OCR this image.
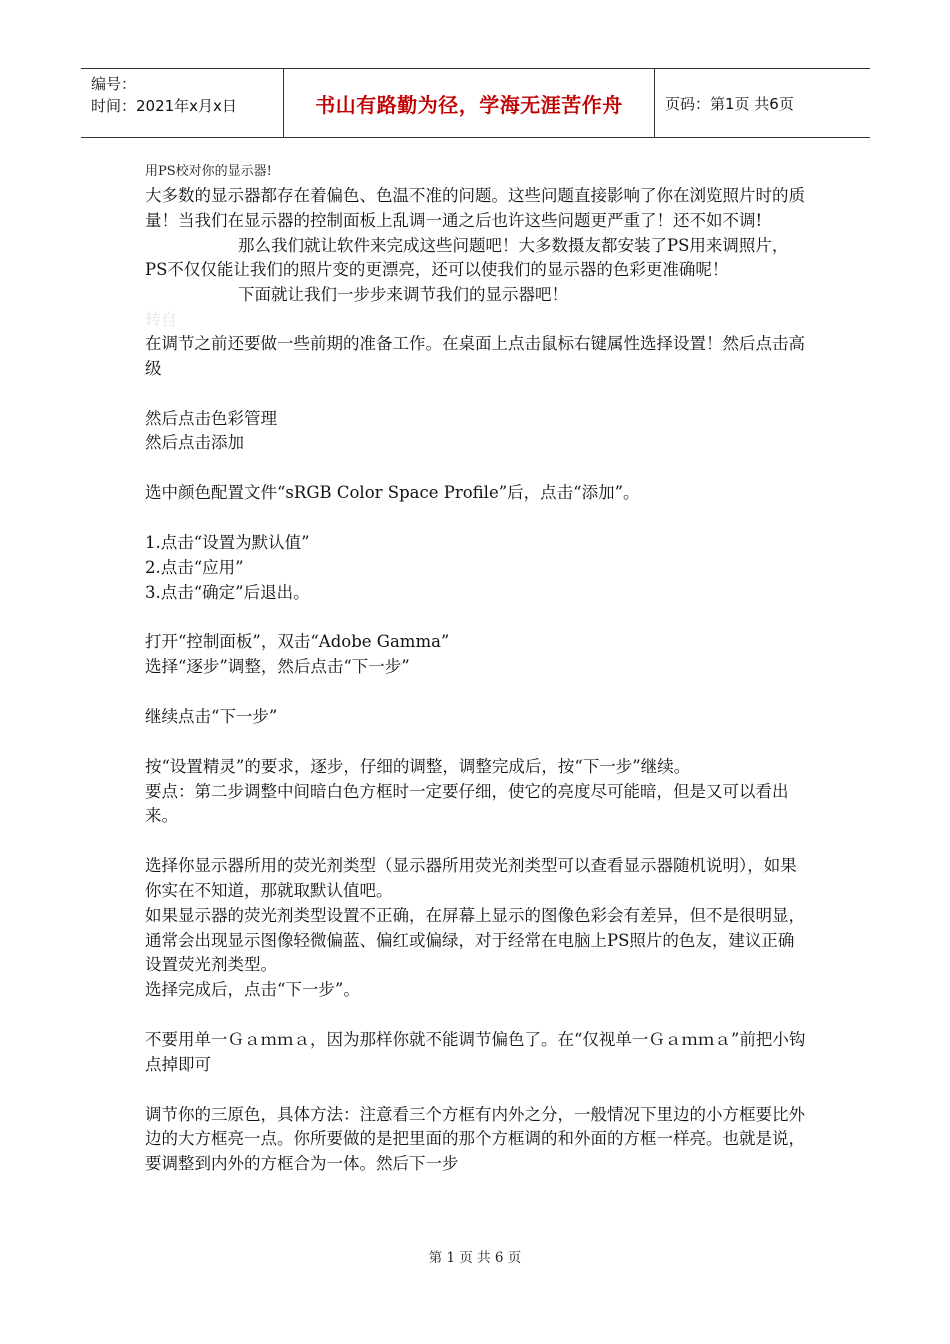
编号：
时间：2021年x月x日	书山有路勤为径，学海无涯苦作舟	页码：第1页 共6页
用PS校对你的显示器!

大多数的显示器都存在着偏色、色温不准的问题。这些问题直接影响了你在浏览照片时的质量！当我们在显示器的控制面板上乱调一通之后也许这些问题更严重了！还不如不调!

那么我们就让软件来完成这些问题吧！大多数摄友都安装了PS用来调照片，PS不仅仅能让我们的照片变的更漂亮，还可以使我们的显示器的色彩更准确呢！

下面就让我们一步步来调节我们的显示器吧！

转自

在调节之前还要做一些前期的准备工作。在桌面上点击鼠标右键属性选择设置！然后点击高级

然后点击色彩管理

然后点击添加

选中颜色配置文件“sRGB Color Space Profile”后，点击“添加”。

1.点击“设置为默认值”

2.点击“应用”

3.点击“确定”后退出。

打开“控制面板”，双击“Adobe Gamma”

选择“逐步”调整，然后点击“下一步”

继续点击“下一步”

按“设置精灵”的要求，逐步，仔细的调整，调整完成后，按“下一步”继续。

要点：第二步调整中间暗白色方框时一定要仔细，使它的亮度尽可能暗，但是又可以看出来。

选择你显示器所用的荧光剂类型（显示器所用荧光剂类型可以查看显示器随机说明），如果你实在不知道，那就取默认值吧。

如果显示器的荧光剂类型设置不正确，在屏幕上显示的图像色彩会有差异，但不是很明显，通常会出现显示图像轻微偏蓝、偏红或偏绿，对于经常在电脑上PS照片的色友，建议正确设置荧光剂类型。

选择完成后，点击“下一步”。

不要用单一Ｇａｍｍａ，因为那样你就不能调节偏色了。在“仅视单一Ｇａｍｍａ”前把小钩点掉即可

调节你的三原色，具体方法：注意看三个方框有内外之分，一般情况下里边的小方框要比外边的大方框亮一点。你所要做的是把里面的那个方框调的和外面的方框一样亮。也就是说，要调整到内外的方框合为一体。然后下一步

第 1 页 共 6 页
